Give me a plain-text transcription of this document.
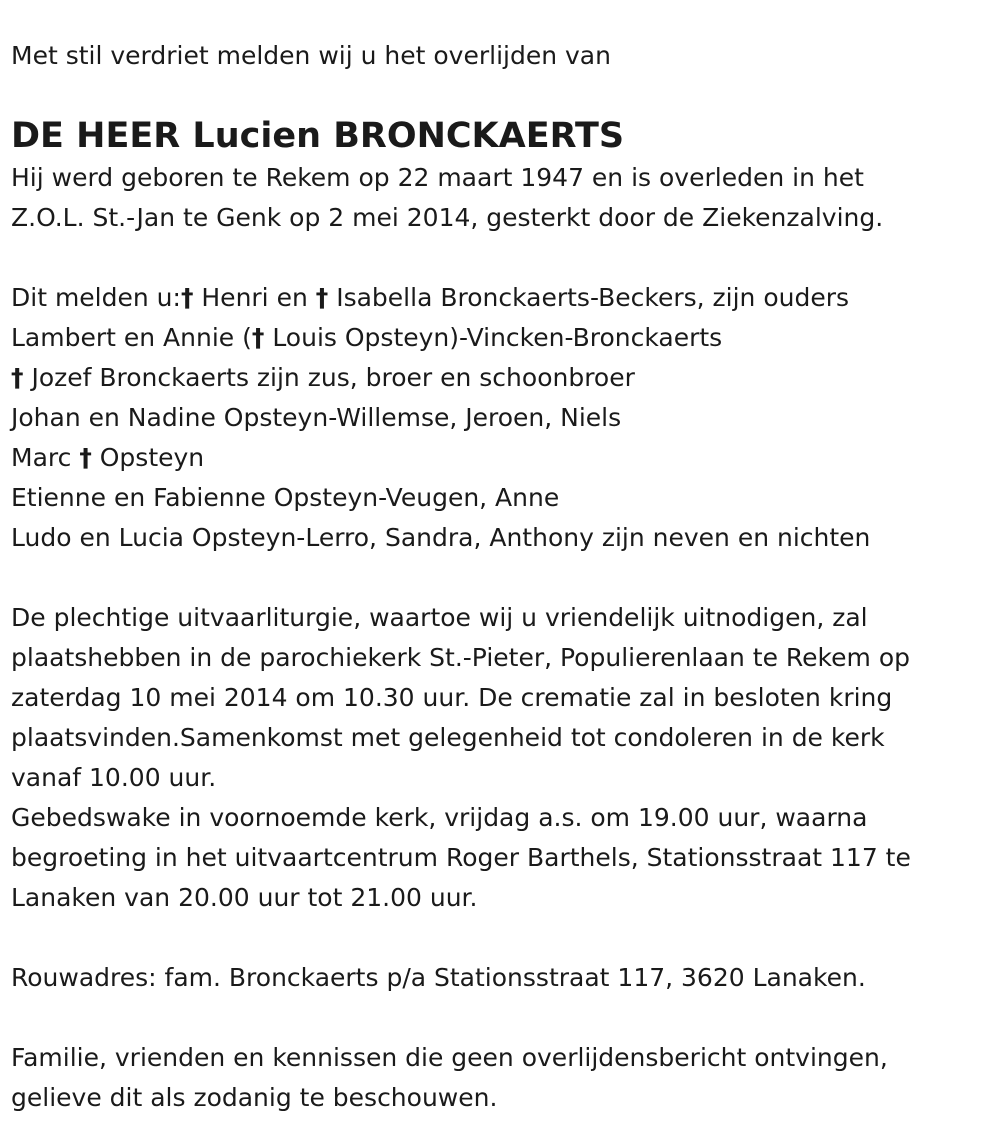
Met stil verdriet melden wij u het overlijden van

DE HEER Lucien BRONCKAERTS

Hij werd geboren te Rekem op 22 maart 1947 en is overleden in het

Z.O.L. St.-Jan te Genk op 2 mei 2014, gesterkt door de Ziekenzalving.

Dit melden u:† Henri en † Isabella Bronckaerts-Beckers, zijn ouders

Lambert en Annie († Louis Opsteyn)-Vincken-Bronckaerts

† Jozef Bronckaerts zijn zus, broer en schoonbroer

Johan en Nadine Opsteyn-Willemse, Jeroen, Niels

Marc † Opsteyn

Etienne en Fabienne Opsteyn-Veugen, Anne

Ludo en Lucia Opsteyn-Lerro, Sandra, Anthony zijn neven en nichten

De plechtige uitvaarliturgie, waartoe wij u vriendelijk uitnodigen, zal

plaatshebben in de parochiekerk St.-Pieter, Populierenlaan te Rekem op

zaterdag 10 mei 2014 om 10.30 uur. De crematie zal in besloten kring

plaatsvinden.Samenkomst met gelegenheid tot condoleren in de kerk

vanaf 10.00 uur.

Gebedswake in voornoemde kerk, vrijdag a.s. om 19.00 uur, waarna

begroeting in het uitvaartcentrum Roger Barthels, Stationsstraat 117 te

Lanaken van 20.00 uur tot 21.00 uur.

Rouwadres: fam. Bronckaerts p/a Stationsstraat 117, 3620 Lanaken.

Familie, vrienden en kennissen die geen overlijdensbericht ontvingen,

gelieve dit als zodanig te beschouwen.
